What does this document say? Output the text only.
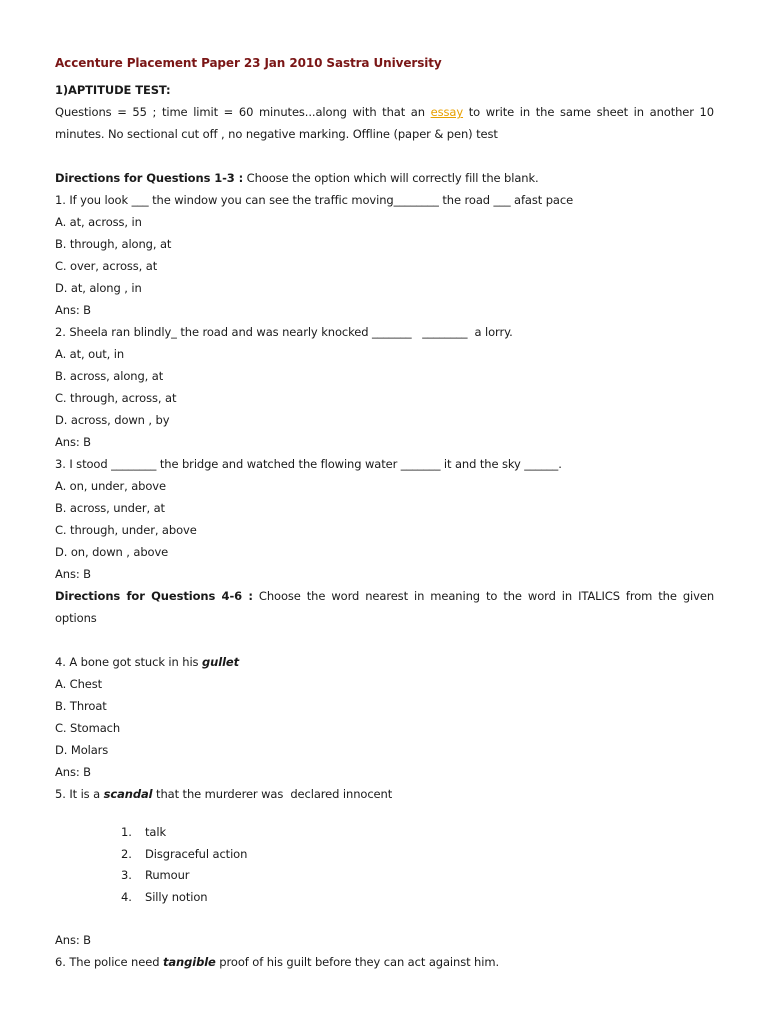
Accenture Placement Paper 23 Jan 2010 Sastra University
1)APTITUDE TEST:
Questions = 55 ; time limit = 60 minutes...along with that an essay to write in the same sheet in another 10
minutes. No sectional cut off , no negative marking. Offline (paper & pen) test
Directions for Questions 1-3 : Choose the option which will correctly fill the blank.
1. If you look ___ the window you can see the traffic moving________ the road ___ afast pace
A. at, across, in
B. through, along, at
C. over, across, at
D. at, along , in
Ans: B
2. Sheela ran blindly_ the road and was nearly knocked _______   ________  a lorry.
A. at, out, in
B. across, along, at
C. through, across, at
D. across, down , by
Ans: B
3. I stood ________ the bridge and watched the flowing water _______ it and the sky ______.
A. on, under, above
B. across, under, at
C. through, under, above
D. on, down , above
Ans: B
Directions for Questions 4-6 : Choose the word nearest in meaning to the word in ITALICS from the given
options
4. A bone got stuck in his gullet
A. Chest
B. Throat
C. Stomach
D. Molars
Ans: B
5. It is a scandal that the murderer was  declared innocent
1.	talk
2.	Disgraceful action
3.	Rumour
4.	Silly notion
Ans: B
6. The police need tangible proof of his guilt before they can act against him.
